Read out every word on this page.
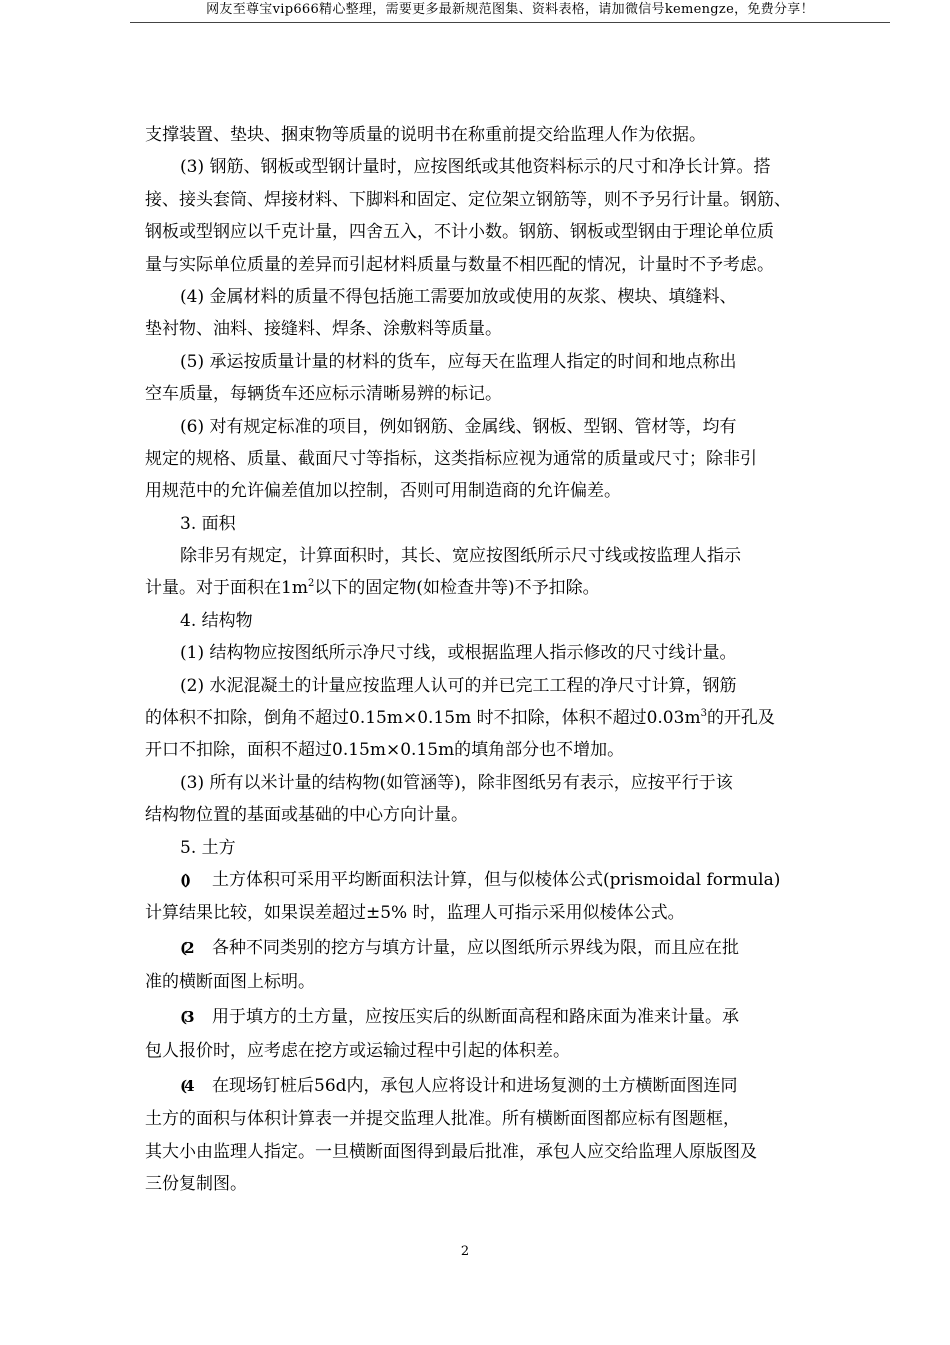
网友至尊宝vip666精心整理，需要更多最新规范图集、资料表格，请加微信号kemengze，免费分享！
支撑装置、垫块、捆束物等质量的说明书在称重前提交给监理人作为依据。
(3) 钢筋、钢板或型钢计量时，应按图纸或其他资料标示的尺寸和净长计算。搭
接、接头套筒、焊接材料、下脚料和固定、定位架立钢筋等，则不予另行计量。钢筋、
钢板或型钢应以千克计量，四舍五入，不计小数。钢筋、钢板或型钢由于理论单位质
量与实际单位质量的差异而引起材料质量与数量不相匹配的情况，计量时不予考虑。
(4) 金属材料的质量不得包括施工需要加放或使用的灰浆、楔块、填缝料、
垫衬物、油料、接缝料、焊条、涂敷料等质量。
(5) 承运按质量计量的材料的货车，应每天在监理人指定的时间和地点称出
空车质量，每辆货车还应标示清晰易辨的标记。
(6) 对有规定标准的项目，例如钢筋、金属线、钢板、型钢、管材等，均有
规定的规格、质量、截面尺寸等指标，这类指标应视为通常的质量或尺寸；除非引
用规范中的允许偏差值加以控制，否则可用制造商的允许偏差。
3. 面积
除非另有规定，计算面积时，其长、宽应按图纸所示尺寸线或按监理人指示
计量。对于面积在$1m^2$以下的固定物(如检查井等)不予扣除。
4. 结构物
(1) 结构物应按图纸所示净尺寸线，或根据监理人指示修改的尺寸线计量。
(2) 水泥混凝土的计量应按监理人认可的并已完工工程的净尺寸计算，钢筋
的体积不扣除，倒角不超过0.15m×0.15m 时不扣除，体积不超过$0.03m^3$的开孔及
开口不扣除，面积不超过0.15m×0.15m的填角部分也不增加。
(3) 所有以米计量的结构物(如管涵等)，除非图纸另有表示，应按平行于该
结构物位置的基面或基础的中心方向计量。
5. 土方
() 土方体积可采用平均断面积法计算，但与似棱体公式(prismoidal formula)
计算结果比较，如果误差超过±5% 时，监理人可指示采用似棱体公式。
(2 各种不同类别的挖方与填方计量，应以图纸所示界线为限，而且应在批
准的横断面图上标明。
(3 用于填方的土方量，应按压实后的纵断面高程和路床面为准来计量。承
包人报价时，应考虑在挖方或运输过程中引起的体积差。
(4 在现场钉桩后56d内，承包人应将设计和进场复测的土方横断面图连同
土方的面积与体积计算表一并提交监理人批准。所有横断面图都应标有图题框，
其大小由监理人指定。一旦横断面图得到最后批准，承包人应交给监理人原版图及
三份复制图。
2
